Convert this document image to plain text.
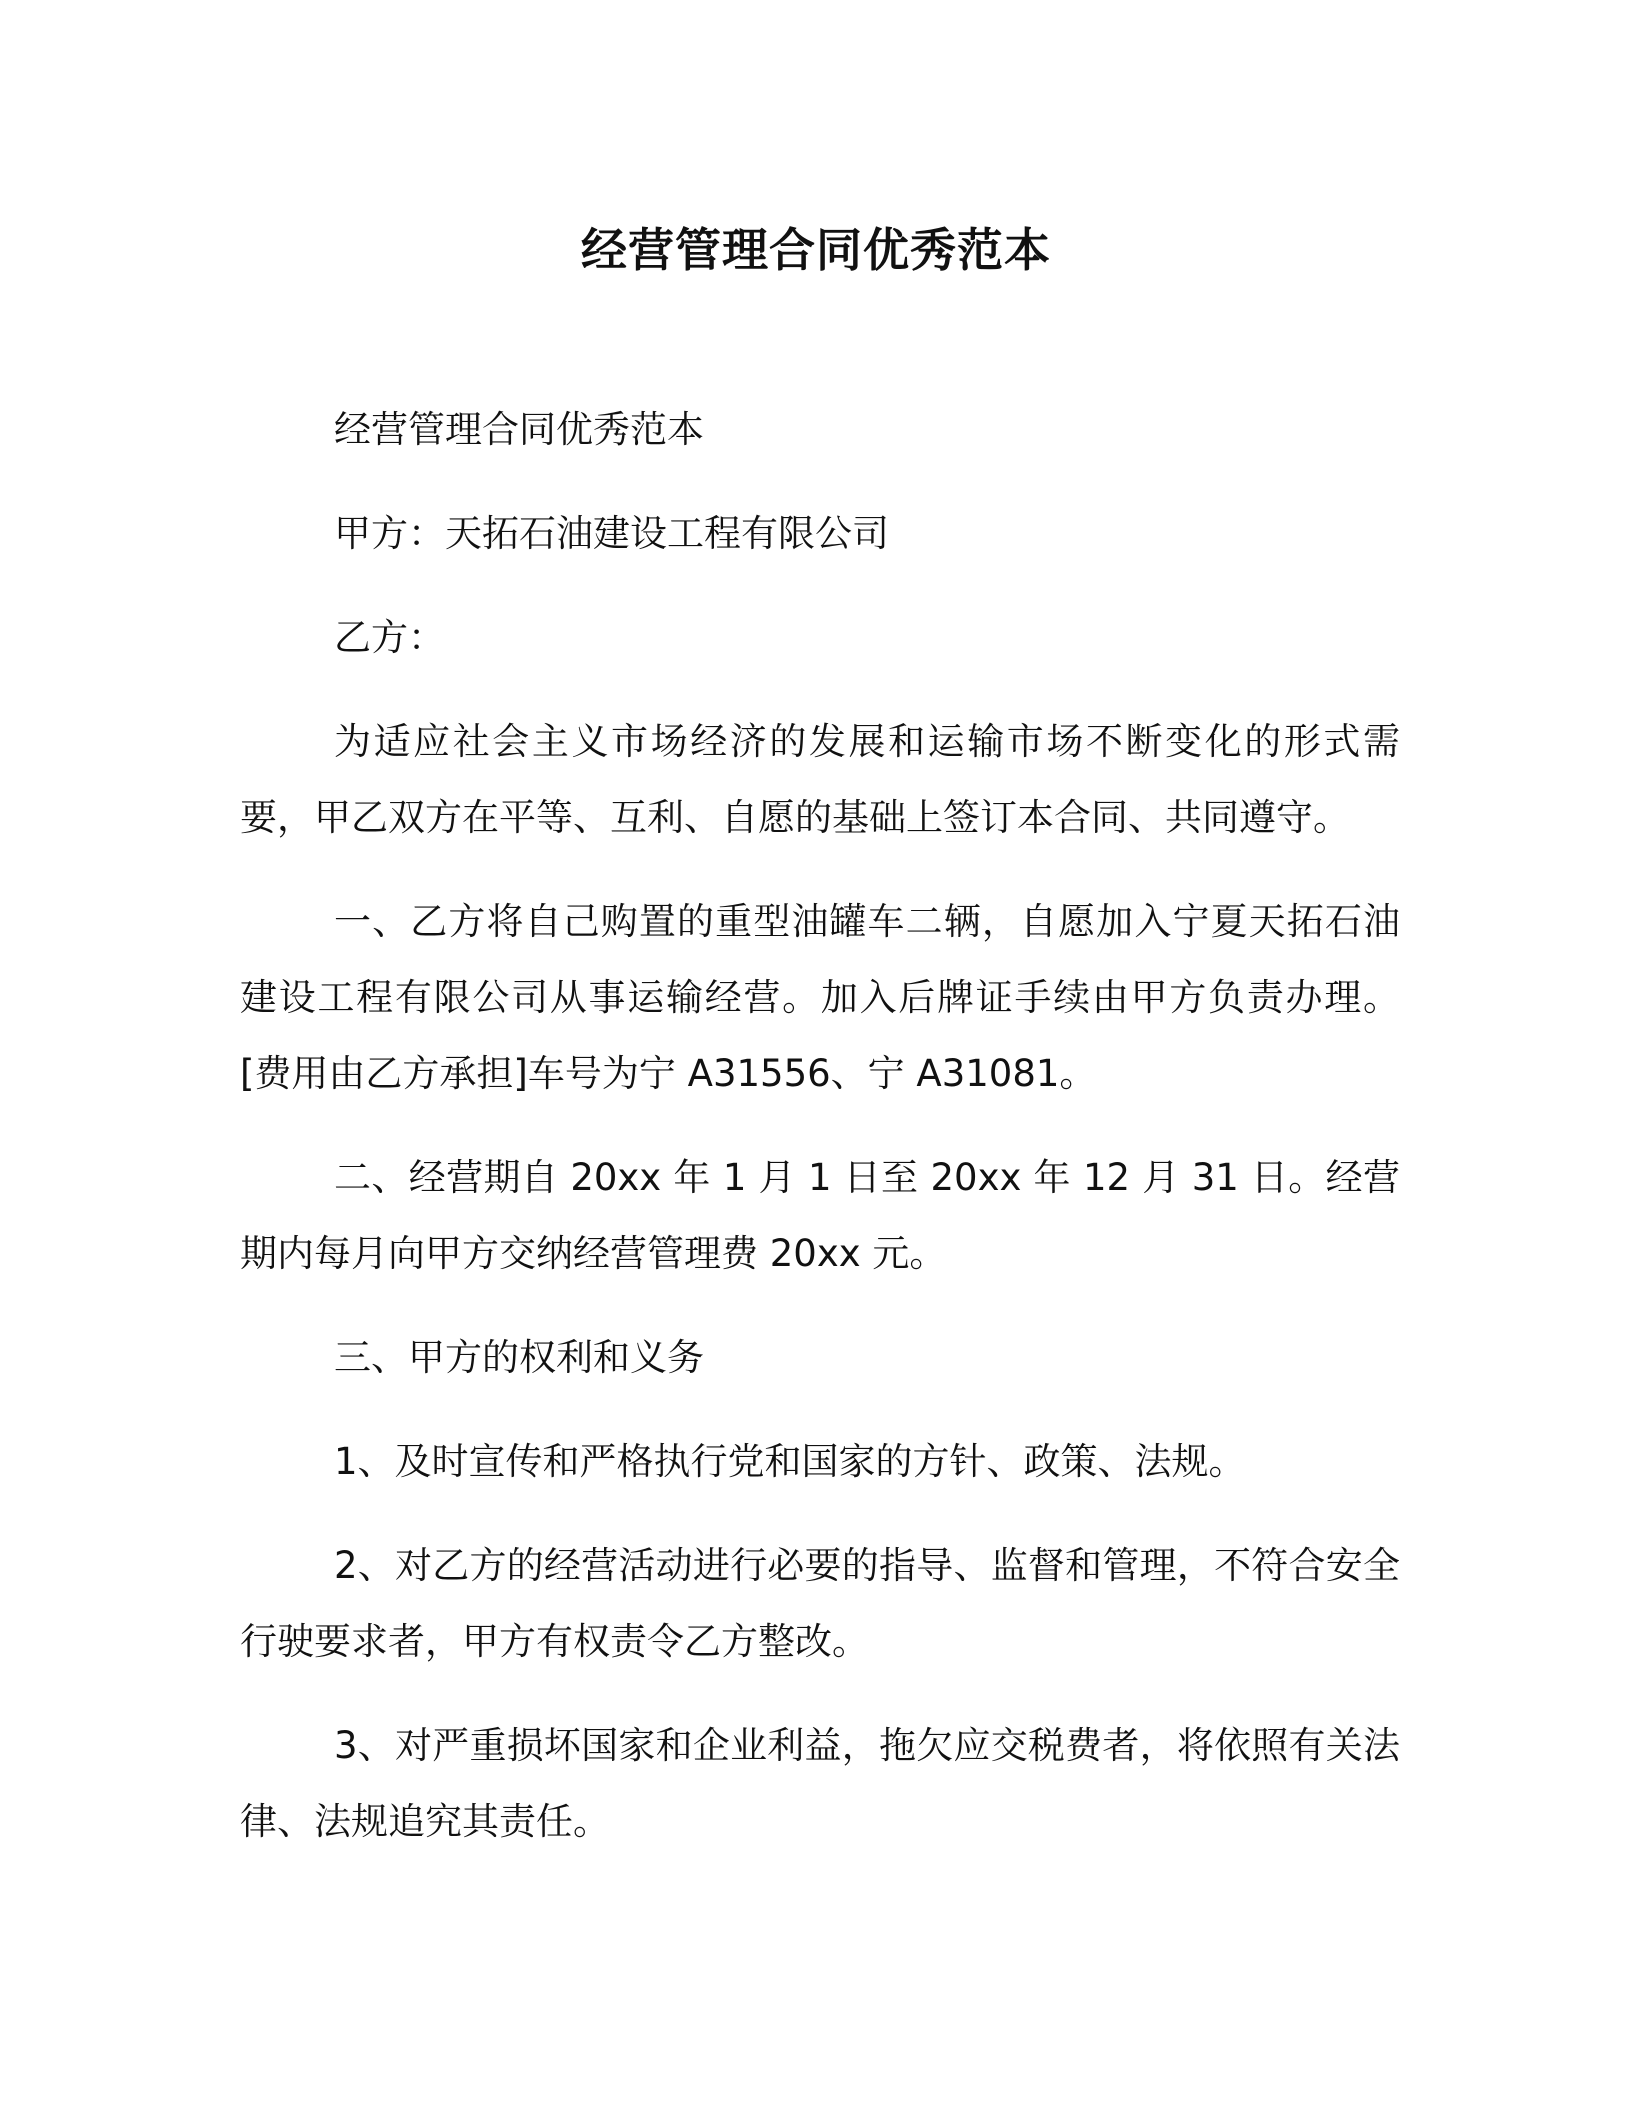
经营管理合同优秀范本

经营管理合同优秀范本

甲方：天拓石油建设工程有限公司

乙方：

为适应社会主义市场经济的发展和运输市场不断变化的形式需要，甲乙双方在平等、互利、自愿的基础上签订本合同、共同遵守。

一、乙方将自己购置的重型油罐车二辆，自愿加入宁夏天拓石油建设工程有限公司从事运输经营。加入后牌证手续由甲方负责办理。[费用由乙方承担]车号为宁 A31556、宁 A31081。

二、经营期自 20xx 年 1 月 1 日至 20xx 年 12 月 31 日。经营期内每月向甲方交纳经营管理费 20xx 元。

三、甲方的权利和义务

1、及时宣传和严格执行党和国家的方针、政策、法规。

2、对乙方的经营活动进行必要的指导、监督和管理，不符合安全行驶要求者，甲方有权责令乙方整改。

3、对严重损坏国家和企业利益，拖欠应交税费者，将依照有关法律、法规追究其责任。
